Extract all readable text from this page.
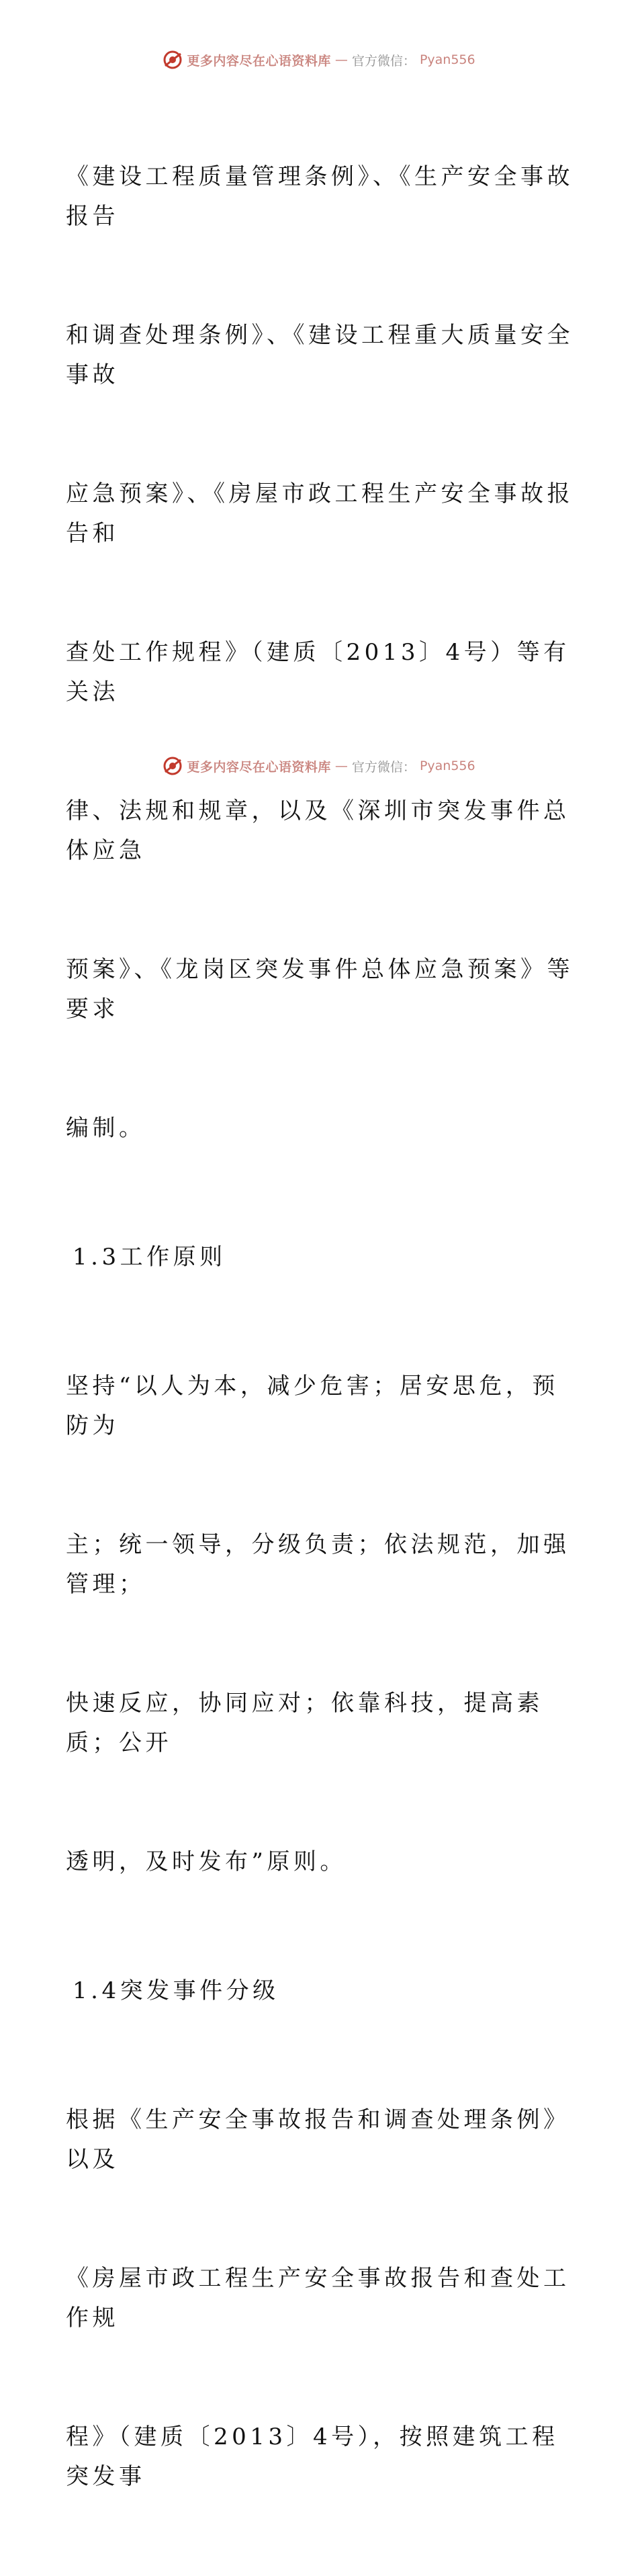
更多内容尽在心语资料库 — 官方微信： Pyan556

《建设工程质量管理条例》、《生产安全事故报告

和调查处理条例》、《建设工程重大质量安全事故

应急预案》、《房屋市政工程生产安全事故报告和

查处工作规程》（建质〔2013〕4号）等有关法

律、法规和规章，以及《深圳市突发事件总体应急

预案》、《龙岗区突发事件总体应急预案》等要求

编制。

1.3工作原则

坚持“以人为本，减少危害；居安思危，预防为

主；统一领导，分级负责；依法规范，加强管理；

快速反应，协同应对；依靠科技，提高素质；公开

透明，及时发布”原则。

1.4突发事件分级

根据《生产安全事故报告和调查处理条例》以及

《房屋市政工程生产安全事故报告和查处工作规

程》（建质〔2013〕4号），按照建筑工程突发事

更多内容尽在心语资料库 — 官方微信： Pyan556
